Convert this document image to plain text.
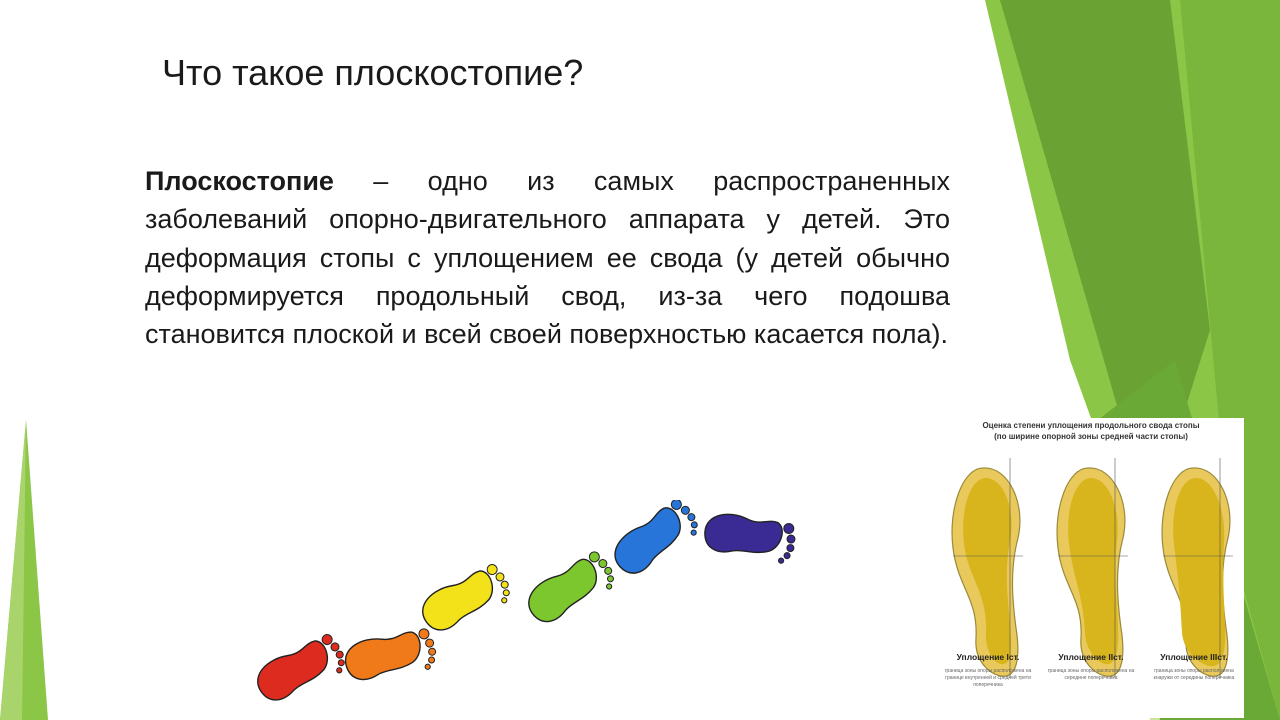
Что такое плоскостопие?

Плоскостопие – одно из самых распространенных заболеваний опорно-двигательного аппарата у детей. Это деформация стопы с уплощением ее свода (у детей обычно деформируется продольный свод, из-за чего подошва становится плоской и всей своей поверхностью касается пола).

Оценка степени уплощения продольного свода стопы
(по ширине опорной зоны средней части стопы)
Уплощение Iст.	Уплощение IIст.	Уплощение IIIст.
граница зоны опоры расположена на границе внутренней и средней трети поперечника
граница зоны опоры расположена на середине поперечника
граница зоны опоры расположена кнаружи от середины поперечника
